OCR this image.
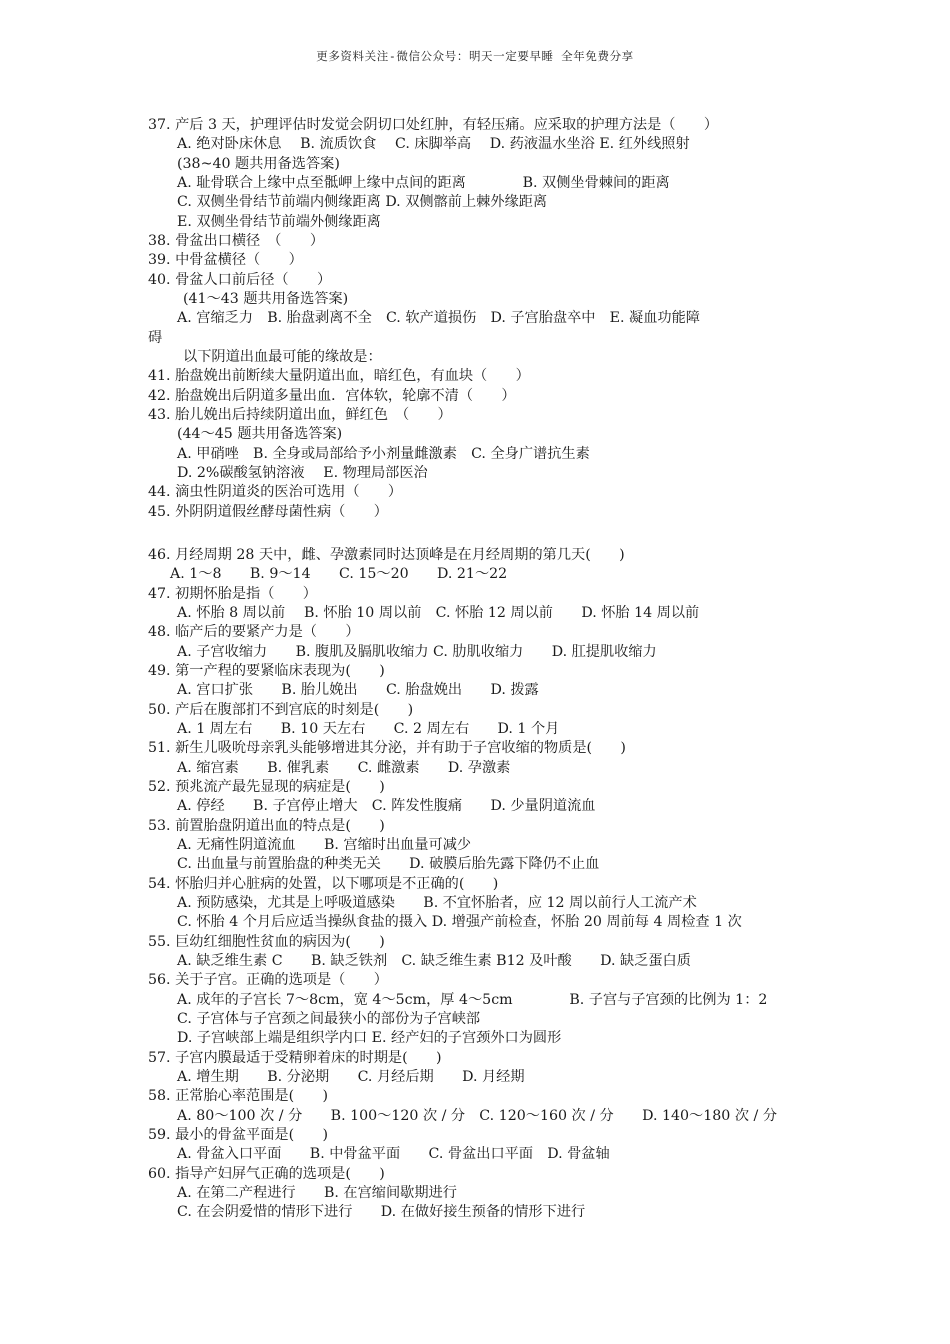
更多资料关注-微信公众号：明天一定要早睡 全年免费分享
37. 产后 3 天，护理评估时发觉会阴切口处红肿，有轻压痛。应采取的护理方法是（　　）
A. 绝对卧床休息　 B. 流质饮食　 C. 床脚举高　 D. 药液温水坐浴 E. 红外线照射
(38~40 题共用备选答案)
A. 耻骨联合上缘中点至骶岬上缘中点间的距离　　　　B. 双侧坐骨棘间的距离
C. 双侧坐骨结节前端内侧缘距离 D. 双侧髂前上棘外缘距离
E. 双侧坐骨结节前端外侧缘距离
38. 骨盆出口横径　（　　）
39. 中骨盆横径（　　）
40. 骨盆人口前后径（　　）
(41～43 题共用备选答案)
A. 宫缩乏力　B. 胎盘剥离不全　C. 软产道损伤　D. 子宫胎盘卒中　E. 凝血功能障
碍
以下阴道出血最可能的缘故是：
41. 胎盘娩出前断续大量阴道出血，暗红色，有血块（　　）
42. 胎盘娩出后阴道多量出血．宫体软，轮廓不清（　　）
43. 胎儿娩出后持续阴道出血，鲜红色　（　　）
(44～45 题共用备选答案)
A. 甲硝唑　B. 全身或局部给予小剂量雌激素　C. 全身广谱抗生素
D. 2%碳酸氢钠溶液　 E. 物理局部医治
44. 滴虫性阴道炎的医治可选用（　　）
45. 外阴阴道假丝酵母菌性病（　　）
46. 月经周期 28 天中，雌、孕激素同时达顶峰是在月经周期的第几天(　　)
A. 1～8　　B. 9～14　　C. 15～20　　D. 21～22
47. 初期怀胎是指（　　）
A. 怀胎 8 周以前　 B. 怀胎 10 周以前　C. 怀胎 12 周以前　　D. 怀胎 14 周以前
48. 临产后的要紧产力是（　　）
A. 子宫收缩力　　B. 腹肌及膈肌收缩力 C. 肋肌收缩力　　D. 肛提肌收缩力
49. 第一产程的要紧临床表现为(　　)
A. 宫口扩张　　B. 胎儿娩出　　C. 胎盘娩出　　D. 拨露
50. 产后在腹部扪不到宫底的时刻是(　　)
A. 1 周左右　　B. 10 天左右　　C. 2 周左右　　D. 1 个月
51. 新生儿吸吮母亲乳头能够增进其分泌，并有助于子宫收缩的物质是(　　)
A. 缩宫素　　B. 催乳素　　C. 雌激素　　D. 孕激素
52. 预兆流产最先显现的病症是(　　)
A. 停经　　B. 子宫停止增大　C. 阵发性腹痛　　D. 少量阴道流血
53. 前置胎盘阴道出血的特点是(　　)
A. 无痛性阴道流血　　B. 宫缩时出血量可减少
C. 出血量与前置胎盘的种类无关　　D. 破膜后胎先露下降仍不止血
54. 怀胎归并心脏病的处置，以下哪项是不正确的(　　)
A. 预防感染，尤其是上呼吸道感染　　B. 不宜怀胎者，应 12 周以前行人工流产术
C. 怀胎 4 个月后应适当操纵食盐的摄入 D. 增强产前检查，怀胎 20 周前每 4 周检查 1 次
55. 巨幼红细胞性贫血的病因为(　　)
A. 缺乏维生素 C　　B. 缺乏铁剂　C. 缺乏维生素 B12 及叶酸　　D. 缺乏蛋白质
56. 关于子宫。正确的选项是（　　）
A. 成年的子宫长 7～8cm，宽 4～5cm，厚 4～5cm　　　　B. 子宫与子宫颈的比例为 1：2
C. 子宫体与子宫颈之间最狭小的部份为子宫峡部
D. 子宫峡部上端是组织学内口 E. 经产妇的子宫颈外口为圆形
57. 子宫内膜最适于受精卵着床的时期是(　　)
A. 增生期　　B. 分泌期　　C. 月经后期　　D. 月经期
58. 正常胎心率范围是(　　)
A. 80～100 次 / 分　　B. 100～120 次 / 分　C. 120～160 次 / 分　　D. 140～180 次 / 分
59. 最小的骨盆平面是(　　)
A. 骨盆入口平面　　B. 中骨盆平面　　C. 骨盆出口平面　D. 骨盆轴
60. 指导产妇屏气正确的选项是(　　)
A. 在第二产程进行　　B. 在宫缩间歇期进行
C. 在会阴爱惜的情形下进行　　D. 在做好接生预备的情形下进行
